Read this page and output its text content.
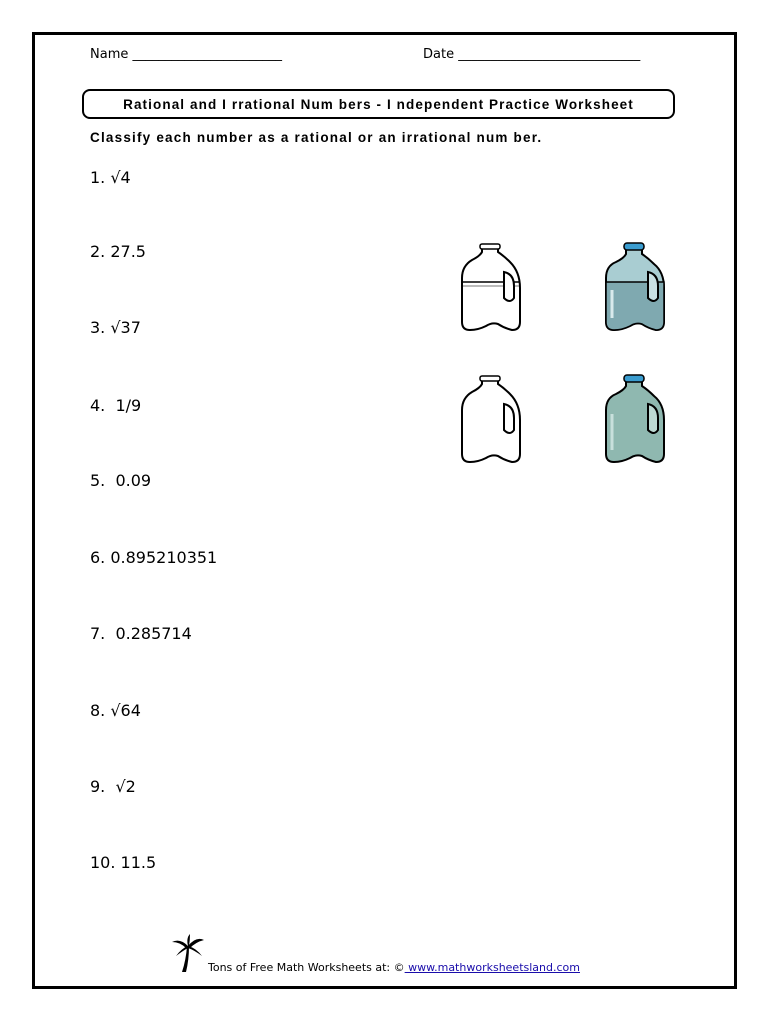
Name _______________________	Date ____________________________
Rational and I rrational Num bers - I ndependent Practice Worksheet
Classify each number as a rational or an irrational num ber.
1. √4
2. 27.5
3. √37
4.  1/9
5.  0.09
6. 0.895210351
7.  0.285714
8. √64
9.  √2
10. 11.5
Tons of Free Math Worksheets at: © www.mathworksheetsland.com
